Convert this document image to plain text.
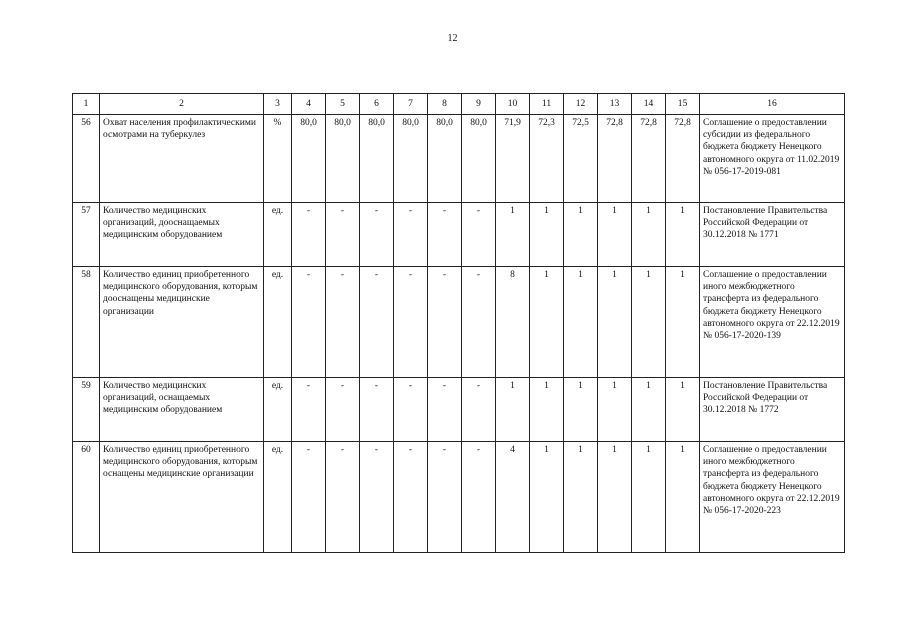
12
1	2	3	4	5	6	7	8	9	10	11	12	13	14	15	16
56	Охват населения профилактическими осмотрами на туберкулез	%	80,0	80,0	80,0	80,0	80,0	80,0	71,9	72,3	72,5	72,8	72,8	72,8	Соглашение о предоставлении субсидии из федерального бюджета бюджету Ненецкого автономного округа от 11.02.2019 № 056-17-2019-081
57	Количество медицинских организаций, дооснащаемых медицинским оборудованием	ед.	-	-	-	-	-	-	1	1	1	1	1	1	Постановление Правительства Российской Федерации от 30.12.2018 № 1771
58	Количество единиц приобретенного медицинского оборудования, которым дооснащены медицинские организации	ед.	-	-	-	-	-	-	8	1	1	1	1	1	Соглашение о предоставлении иного межбюджетного трансферта из федерального бюджета бюджету Ненецкого автономного округа от 22.12.2019 № 056-17-2020-139
59	Количество медицинских организаций, оснащаемых медицинским оборудованием	ед.	-	-	-	-	-	-	1	1	1	1	1	1	Постановление Правительства Российской Федерации от 30.12.2018 № 1772
60	Количество единиц приобретенного медицинского оборудования, которым оснащены медицинские организации	ед.	-	-	-	-	-	-	4	1	1	1	1	1	Соглашение о предоставлении иного межбюджетного трансферта из федерального бюджета бюджету Ненецкого автономного округа от 22.12.2019 № 056-17-2020-223
